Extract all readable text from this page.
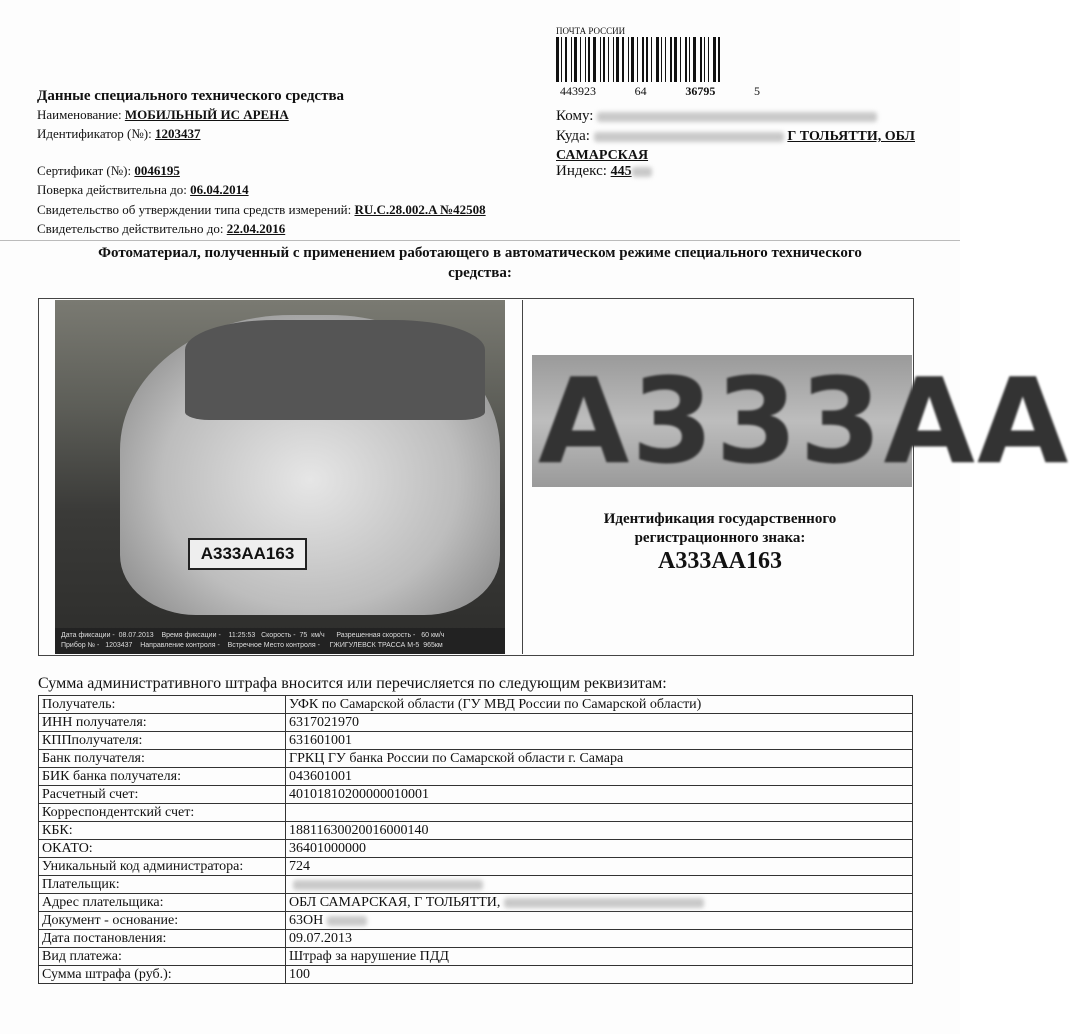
Данные специального технического средства
Наименование: МОБИЛЬНЫЙ ИС АРЕНА
Идентификатор (№): 1203437
Сертификат (№): 0046195
Поверка действительна до: 06.04.2014
Свидетельство об утверждении типа средств измерений: RU.C.28.002.A №42508
Свидетельство действительно до: 22.04.2016
ПОЧТА РОССИИ
443923	64	36795	5
Кому:
Куда:	Г ТОЛЬЯТТИ, ОБЛ САМАРСКАЯ
Индекс: 445
Фотоматериал, полученный с применением работающего в автоматическом режиме специального технического средства:
А333АА163
Дата фиксации -  08.07.2013    Время фиксации -    11:25:53   Скорость -  75  км/ч      Разрешенная скорость -   60 км/ч
Прибор № -   1203437    Направление контроля -    Встречное Место контроля -     ГЖИГУЛЕВСК ТРАССА М-5  965км
А333АА
Идентификация государственного регистрационного знака:
А333АА163
Сумма административного штрафа вносится или перечисляется по следующим реквизитам:
Получатель:	УФК по Самарской области (ГУ МВД России по Самарской области)
ИНН получателя:	6317021970
КППполучателя:	631601001
Банк получателя:	ГРКЦ ГУ банка России по Самарской области г. Самара
БИК банка получателя:	043601001
Расчетный счет:	40101810200000010001
Корреспондентский счет:	
КБК:	18811630020016000140
ОКАТО:	36401000000
Уникальный код администратора:	724
Плательщик:	
Адрес плательщика:	ОБЛ САМАРСКАЯ, Г ТОЛЬЯТТИ,
Документ - основание:	63ОН
Дата постановления:	09.07.2013
Вид платежа:	Штраф за нарушение ПДД
Сумма штрафа (руб.):	100
